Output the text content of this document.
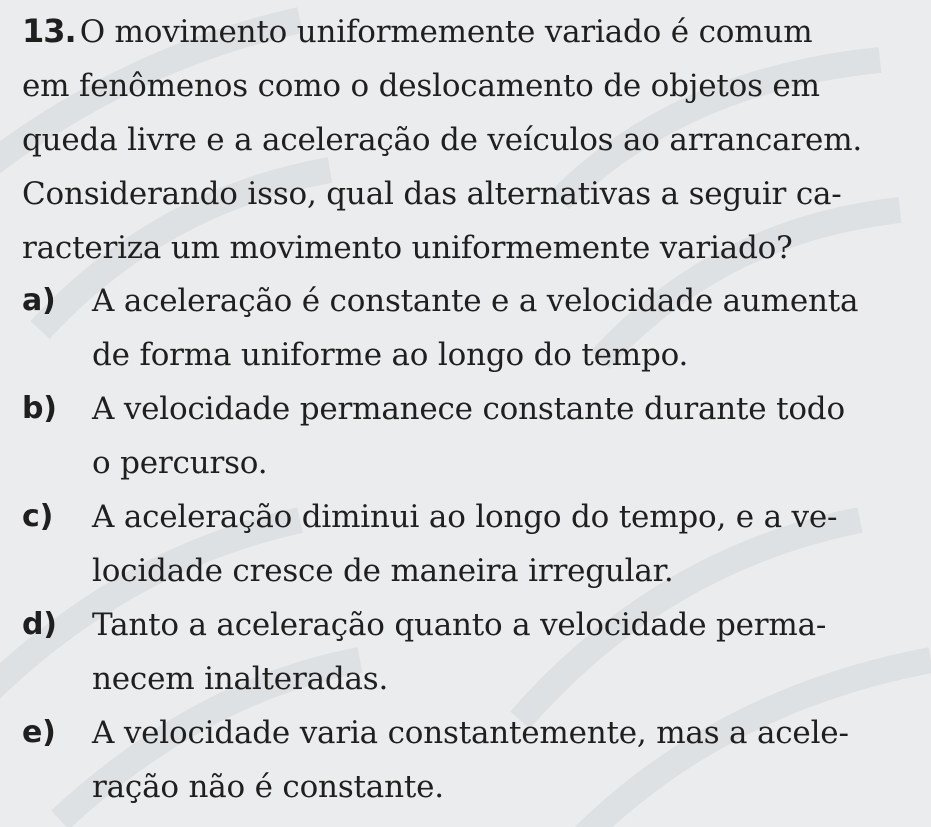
13. O movimento uniformemente variado é comum
em fenômenos como o deslocamento de objetos em
queda livre e a aceleração de veículos ao arrancarem.
Considerando isso, qual das alternativas a seguir ca-
racteriza um movimento uniformemente variado?
a) A aceleração é constante e a velocidade aumenta
de forma uniforme ao longo do tempo.
b) A velocidade permanece constante durante todo
o percurso.
c) A aceleração diminui ao longo do tempo, e a ve-
locidade cresce de maneira irregular.
d) Tanto a aceleração quanto a velocidade perma-
necem inalteradas.
e) A velocidade varia constantemente, mas a acele-
ração não é constante.
